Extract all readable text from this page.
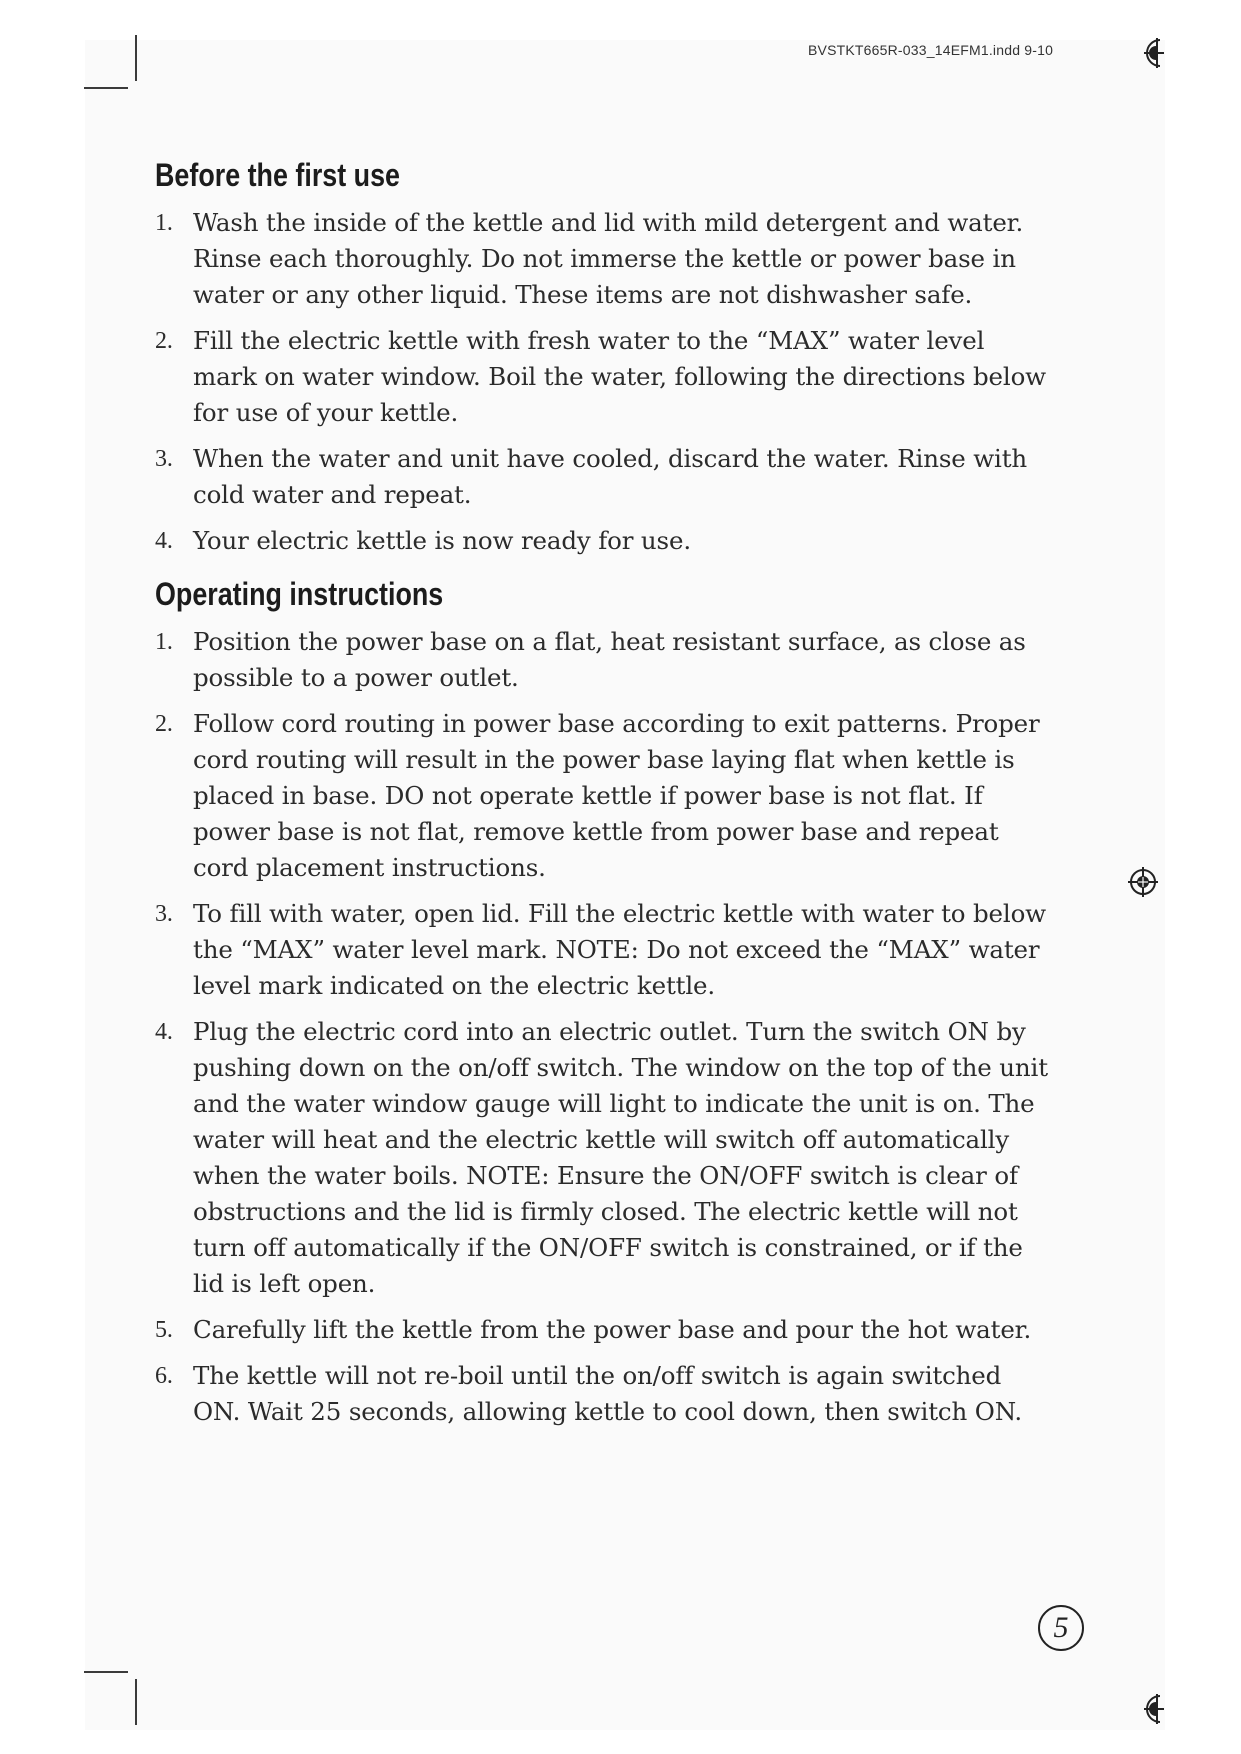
BVSTKT665R-033_14EFM1.indd 9-10
Before the first use
1. Wash the inside of the kettle and lid with mild detergent and water. Rinse each thoroughly. Do not immerse the kettle or power base in water or any other liquid. These items are not dishwasher safe.
2. Fill the electric kettle with fresh water to the “MAX” water level mark on water window. Boil the water, following the directions below for use of your kettle.
3. When the water and unit have cooled, discard the water. Rinse with cold water and repeat.
4. Your electric kettle is now ready for use.
Operating instructions
1. Position the power base on a flat, heat resistant surface, as close as possible to a power outlet.
2. Follow cord routing in power base according to exit patterns. Proper cord routing will result in the power base laying flat when kettle is placed in base. DO not operate kettle if power base is not flat. If power base is not flat, remove kettle from power base and repeat cord placement instructions.
3. To fill with water, open lid. Fill the electric kettle with water to below the “MAX” water level mark. NOTE: Do not exceed the “MAX” water level mark indicated on the electric kettle.
4. Plug the electric cord into an electric outlet. Turn the switch ON by pushing down on the on/off switch. The window on the top of the unit and the water window gauge will light to indicate the unit is on. The water will heat and the electric kettle will switch off automatically when the water boils. NOTE: Ensure the ON/OFF switch is clear of obstructions and the lid is firmly closed. The electric kettle will not turn off automatically if the ON/OFF switch is constrained, or if the lid is left open.
5. Carefully lift the kettle from the power base and pour the hot water.
6. The kettle will not re-boil until the on/off switch is again switched ON. Wait 25 seconds, allowing kettle to cool down, then switch ON.
5
